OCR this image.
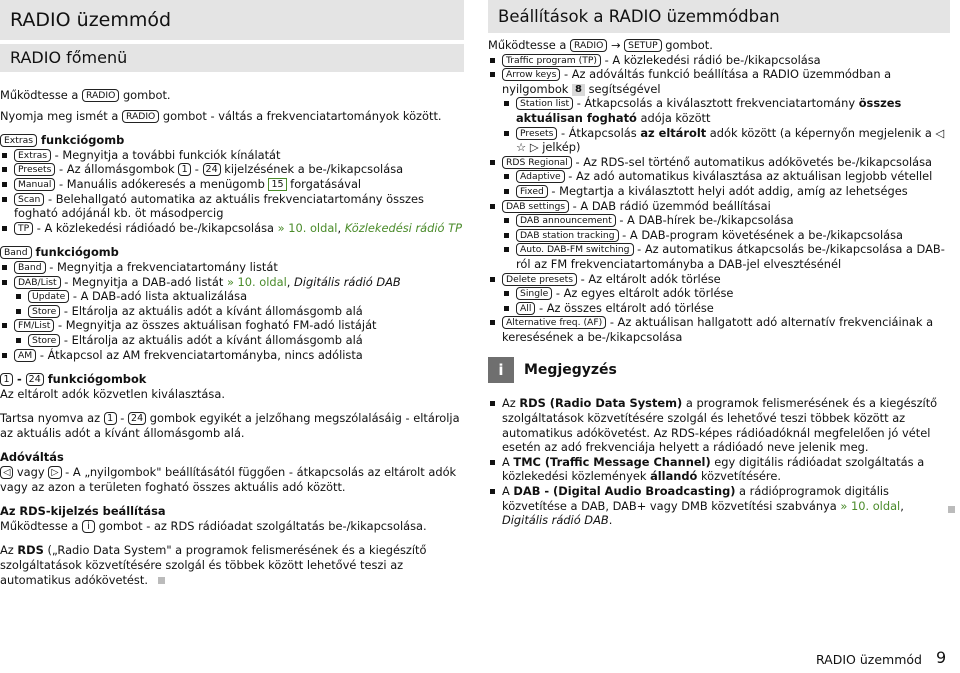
RADIO üzemmód
RADIO főmenü

Működtesse a RADIO gombot.

Nyomja meg ismét a RADIO gombot - váltás a frekvenciatartományok között.

Extras funkciógomb

Extras - Megnyitja a további funkciók kínálatát
Presets - Az állomásgombok 1 - 24 kijelzésének a be-/kikapcsolása
Manual - Manuális adókeresés a menügomb 15 forgatásával
Scan - Belehallgató automatika az aktuális frekvenciatartomány összes fogható adójánál kb. öt másodpercig
TP - A közlekedési rádióadó be-/kikapcsolása » 10. oldal, Közlekedési rádió TP

Band funkciógomb

Band - Megnyitja a frekvenciatartomány listát
DAB/List - Megnyitja a DAB-adó listát » 10. oldal, Digitális rádió DAB
Update - A DAB-adó lista aktualizálása
Store - Eltárolja az aktuális adót a kívánt állomásgomb alá
FM/List - Megnyitja az összes aktuálisan fogható FM-adó listáját
Store - Eltárolja az aktuális adót a kívánt állomásgomb alá
AM - Átkapcsol az AM frekvenciatartományba, nincs adólista

1 - 24 funkciógombok

Az eltárolt adók közvetlen kiválasztása.

Tartsa nyomva az 1 - 24 gombok egyikét a jelzőhang megszólalásáig - eltárolja az aktuális adót a kívánt állomásgomb alá.

Adóváltás

◁ vagy ▷ - A „nyilgombok" beállításától függően - átkapcsolás az eltárolt adók vagy az azon a területen fogható összes aktuális adó között.

Az RDS-kijelzés beállítása

Működtesse a i gombot - az RDS rádióadat szolgáltatás be-/kikapcsolása.

Az RDS („Radio Data System" a programok felismerésének és a kiegészítő szolgáltatások közvetítésére szolgál és többek között lehetővé teszi az automatikus adókövetést.

Beállítások a RADIO üzemmódban

Működtesse a RADIO → SETUP gombot.

Traffic program (TP) - A közlekedési rádió be-/kikapcsolása
Arrow keys - Az adóváltás funkció beállítása a RADIO üzemmódban a nyilgombok 8 segítségével
Station list - Átkapcsolás a kiválasztott frekvenciatartomány összes aktuálisan fogható adója között
Presets - Átkapcsolás az eltárolt adók között (a képernyőn megjelenik a ◁ ☆ ▷ jelkép)
RDS Regional - Az RDS-sel történő automatikus adókövetés be-/kikapcsolása
Adaptive - Az adó automatikus kiválasztása az aktuálisan legjobb vétellel
Fixed - Megtartja a kiválasztott helyi adót addig, amíg az lehetséges
DAB settings - A DAB rádió üzemmód beállításai
DAB announcement - A DAB-hírek be-/kikapcsolása
DAB station tracking - A DAB-program követésének a be-/kikapcsolása
Auto. DAB-FM switching - Az automatikus átkapcsolás be-/kikapcsolása a DAB-ról az FM frekvenciatartományba a DAB-jel elvesztésénél
Delete presets - Az eltárolt adók törlése
Single - Az egyes eltárolt adók törlése
All - Az összes eltárolt adó törlése
Alternative freq. (AF) - Az aktuálisan hallgatott adó alternatív frekvenciáinak a keresésének a be-/kikapcsolása
i	Megjegyzés
Az RDS (Radio Data System) a programok felismerésének és a kiegészítő szolgáltatások közvetítésére szolgál és lehetővé teszi többek között az automatikus adókövetést. Az RDS-képes rádióadóknál megfelelően jó vétel esetén az adó frekvenciája helyett a rádióadó neve jelenik meg.
A TMC (Traffic Message Channel) egy digitális rádióadat szolgáltatás a közlekedési közlemények állandó közvetítésére.
A DAB - (Digital Audio Broadcasting) a rádióprogramok digitális közvetítése a DAB, DAB+ vagy DMB közvetítési szabványa » 10. oldal, Digitális rádió DAB.
RADIO üzemmód 9
